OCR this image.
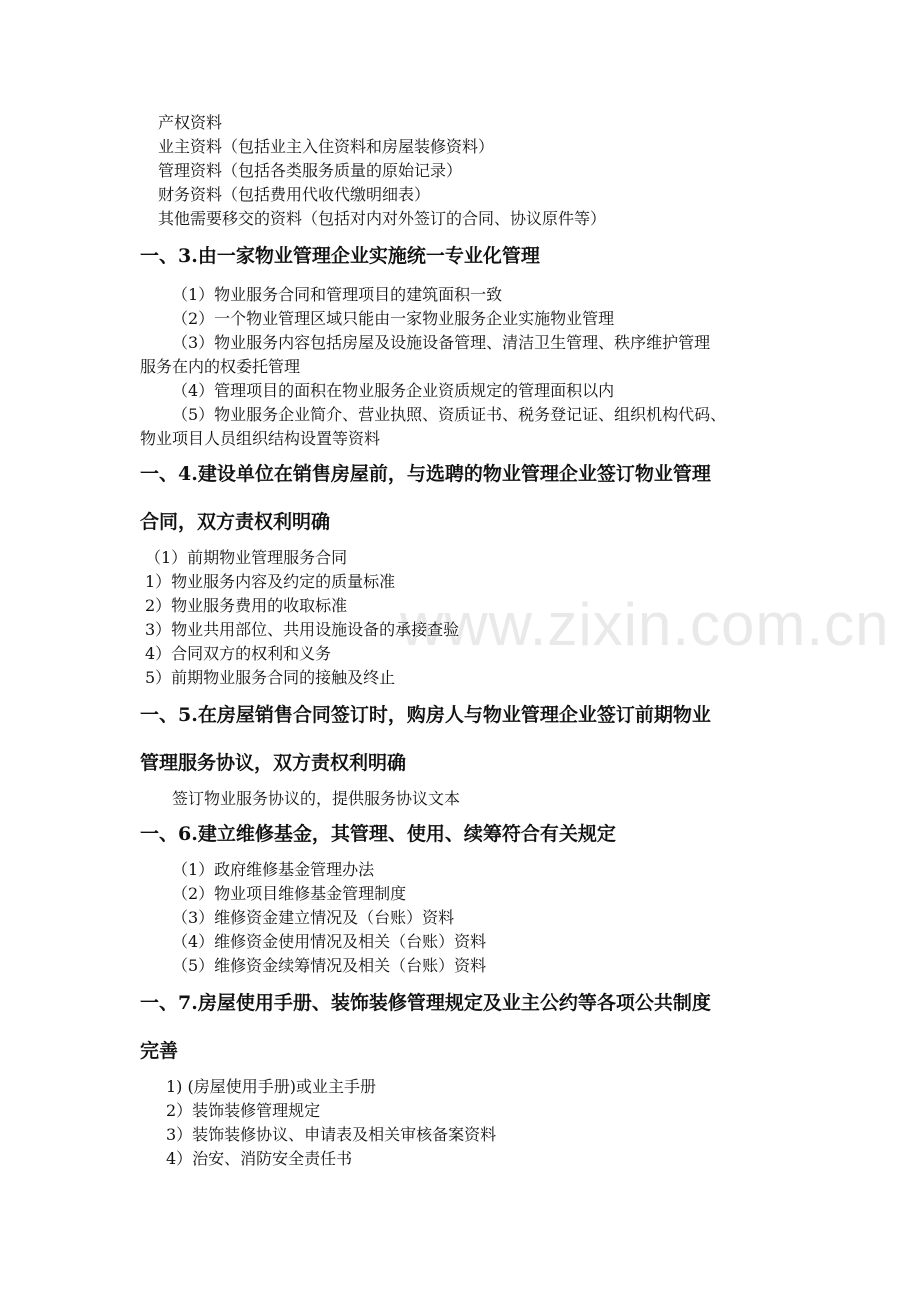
www.zixin.com.cn
产权资料
业主资料（包括业主入住资料和房屋装修资料）
管理资料（包括各类服务质量的原始记录）
财务资料（包括费用代收代缴明细表）
其他需要移交的资料（包括对内对外签订的合同、协议原件等）
一、3.由一家物业管理企业实施统一专业化管理
（1）物业服务合同和管理项目的建筑面积一致
（2）一个物业管理区域只能由一家物业服务企业实施物业管理
（3）物业服务内容包括房屋及设施设备管理、清洁卫生管理、秩序维护管理
服务在内的权委托管理
（4）管理项目的面积在物业服务企业资质规定的管理面积以内
（5）物业服务企业简介、营业执照、资质证书、税务登记证、组织机构代码、
物业项目人员组织结构设置等资料
一、4.建设单位在销售房屋前，与选聘的物业管理企业签订物业管理
合同，双方责权利明确
（1）前期物业管理服务合同
1）物业服务内容及约定的质量标准
2）物业服务费用的收取标准
3）物业共用部位、共用设施设备的承接查验
4）合同双方的权利和义务
5）前期物业服务合同的接触及终止
一、5.在房屋销售合同签订时，购房人与物业管理企业签订前期物业
管理服务协议，双方责权利明确
签订物业服务协议的，提供服务协议文本
一、6.建立维修基金，其管理、使用、续筹符合有关规定
（1）政府维修基金管理办法
（2）物业项目维修基金管理制度
（3）维修资金建立情况及（台账）资料
（4）维修资金使用情况及相关（台账）资料
（5）维修资金续筹情况及相关（台账）资料
一、7.房屋使用手册、装饰装修管理规定及业主公约等各项公共制度
完善
1) (房屋使用手册)或业主手册
2）装饰装修管理规定
3）装饰装修协议、申请表及相关审核备案资料
4）治安、消防安全责任书
